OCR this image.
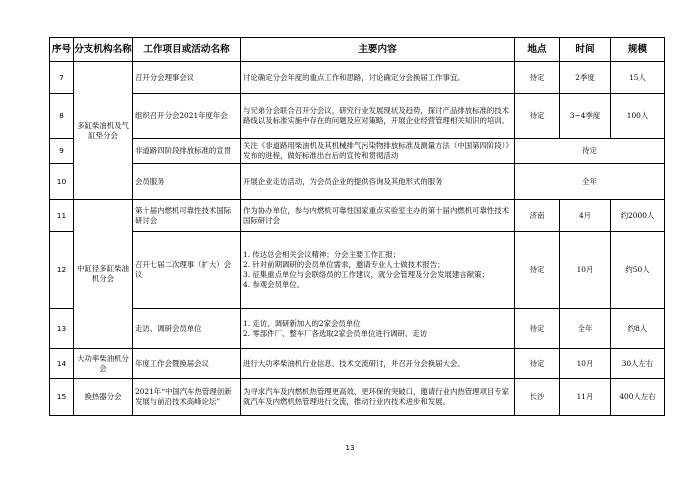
序号	分支机构名称	工作项目或活动名称	主要内容	地点	时间	规模
7	多缸柴油机及气缸垫分会	召开分会理事会议	讨论确定分会年度的重点工作和思路，讨论确定分会换届工作事宜。	待定	2季度	15人
8		组织召开分会2021年度年会	与兄弟分会联合召开分会议，研究行业发展现状及趋势，探讨产品排放标准的技术路线以及标准实施中存在的问题及应对策略，开展企业经营管理相关知识的培训。	待定	3~4季度	100人
9		非道路四阶段排放标准的宣贯	关注《非道路用柴油机及其机械排气污染物排放标准及测量方法（中国第四阶段）》发布的进程，做好标准出台后的宣传和贯彻活动	待定		
10		会员服务	开展企业走访活动，为会员企业的提供咨询及其他形式的服务	全年		
11	中缸径多缸柴油机分会	第十届内燃机可靠性技术国际研讨会	作为协办单位，参与内燃机可靠性国家重点实验室主办的第十届内燃机可靠性技术国际研讨会	济南	4月	约2000人
12		召开七届二次理事（扩大）会议	1. 传达总会相关会议精神；分会主要工作汇报；
2. 针对前期调研的会员单位需求，邀请专业人士做技术报告；
3. 征集重点单位与会联络员的工作建议，就分会管理及分会发展建言献策；
4. 参观会员单位。	待定	10月	约50人
13		走访、调研会员单位	1. 走访、调研新加入的2家会员单位
2. 零部件厂、整车厂各选取2家会员单位进行调研、走访	待定	全年	约8人
14	大功率柴油机分会	年度工作会暨换届会议	进行大功率柴油机行业信息、技术交流研讨，并召开分会换届大会。	待定	10月	30人左右
15	换热器分会	2021年“中国汽车热管理创新发展与前沿技术高峰论坛”	为寻求汽车及内燃机热管理更高效、更环保的突破口，邀请行业内热管理项目专家就汽车及内燃机热管理进行交流，推动行业内技术进步和发展。	长沙	11月	400人左右
13
